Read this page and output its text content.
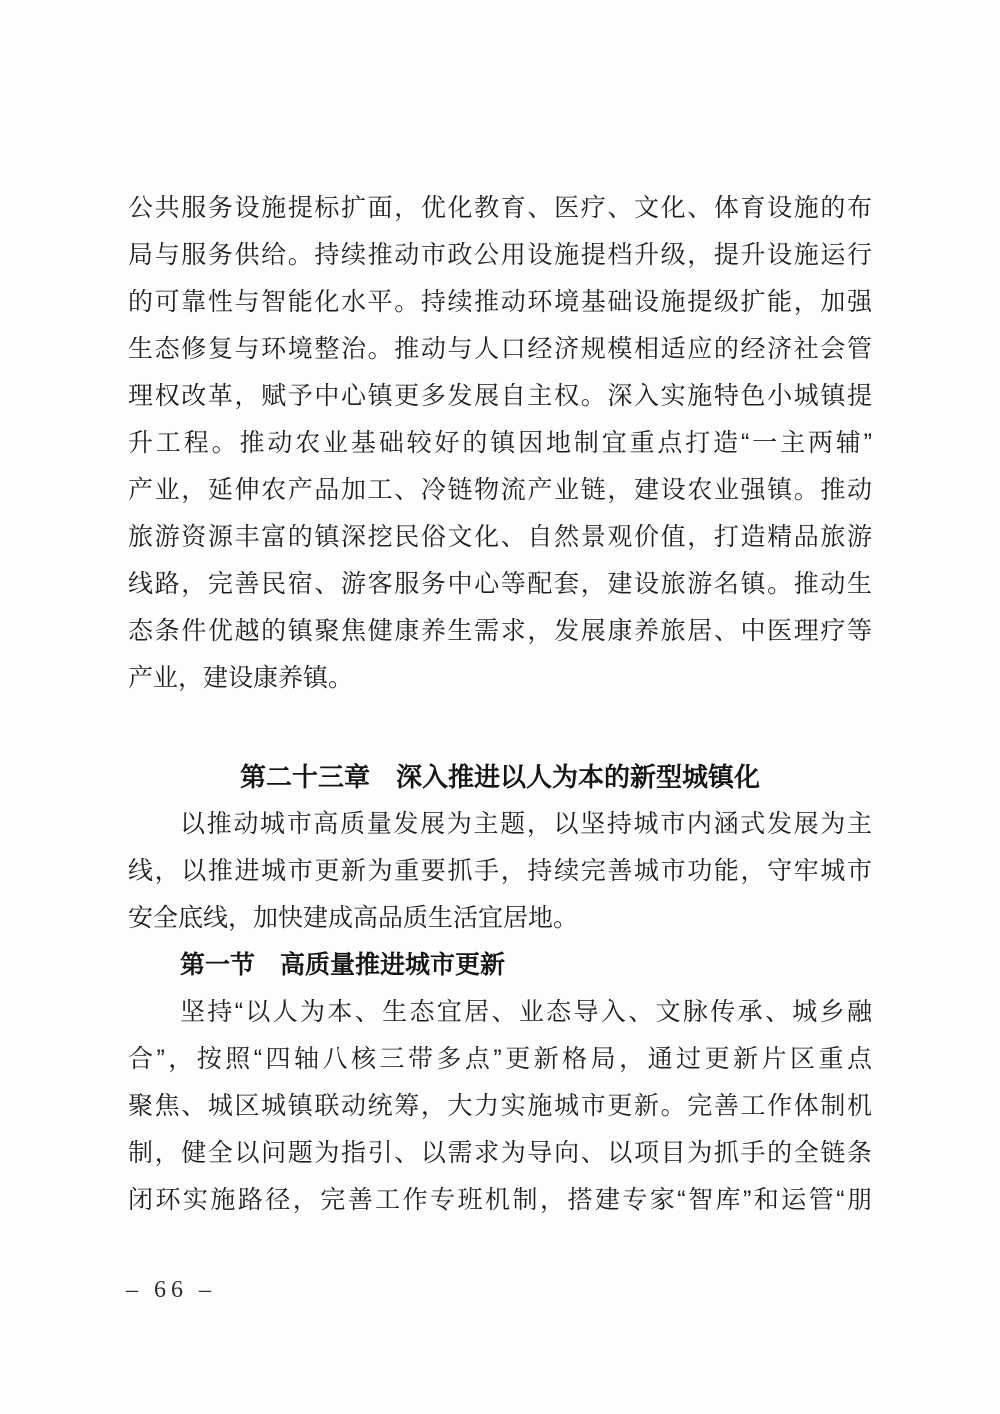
公共服务设施提标扩面，优化教育、医疗、文化、体育设施的布
局与服务供给。持续推动市政公用设施提档升级，提升设施运行
的可靠性与智能化水平。持续推动环境基础设施提级扩能，加强
生态修复与环境整治。推动与人口经济规模相适应的经济社会管
理权改革，赋予中心镇更多发展自主权。深入实施特色小城镇提
升工程。推动农业基础较好的镇因地制宜重点打造“一主两辅”
产业，延伸农产品加工、冷链物流产业链，建设农业强镇。推动
旅游资源丰富的镇深挖民俗文化、自然景观价值，打造精品旅游
线路，完善民宿、游客服务中心等配套，建设旅游名镇。推动生
态条件优越的镇聚焦健康养生需求，发展康养旅居、中医理疗等
产业，建设康养镇。
第二十三章　深入推进以人为本的新型城镇化
以推动城市高质量发展为主题，以坚持城市内涵式发展为主
线，以推进城市更新为重要抓手，持续完善城市功能，守牢城市
安全底线，加快建成高品质生活宜居地。
第一节　高质量推进城市更新
坚持“以人为本、生态宜居、业态导入、文脉传承、城乡融
合”，按照“四轴八核三带多点”更新格局，通过更新片区重点
聚焦、城区城镇联动统筹，大力实施城市更新。完善工作体制机
制，健全以问题为指引、以需求为导向、以项目为抓手的全链条
闭环实施路径，完善工作专班机制，搭建专家“智库”和运管“朋
– 66 –
